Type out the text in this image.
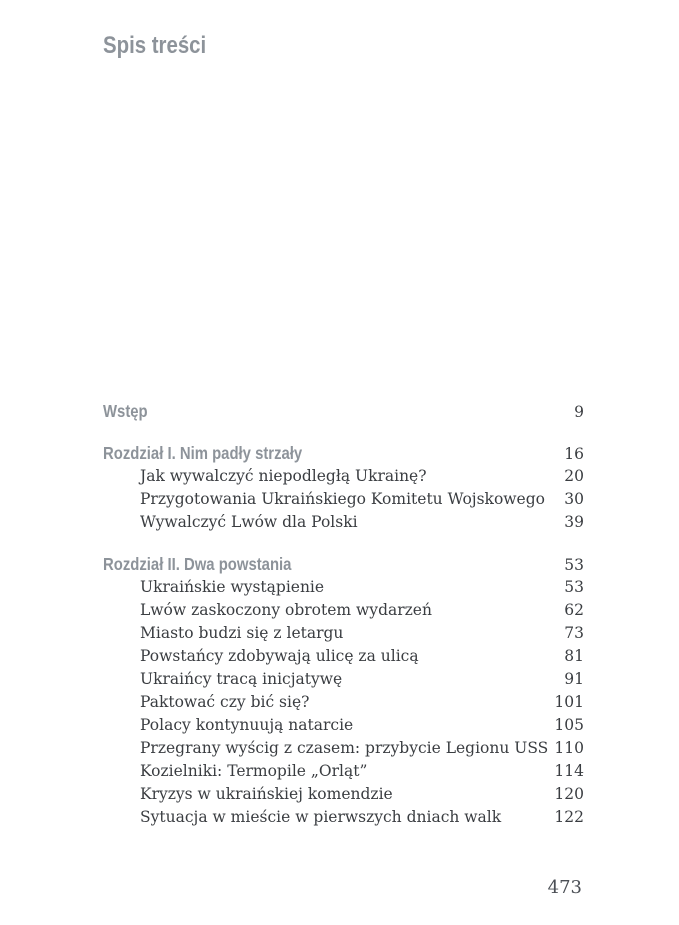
Spis treści
Wstęp	9
Rozdział I. Nim padły strzały	16
Jak wywalczyć niepodległą Ukrainę?	20
Przygotowania Ukraińskiego Komitetu Wojskowego 30
Wywalczyć Lwów dla Polski	39
Rozdział II. Dwa powstania	53
Ukraińskie wystąpienie	53
Lwów zaskoczony obrotem wydarzeń	62
Miasto budzi się z letargu	73
Powstańcy zdobywają ulicę za ulicą	81
Ukraińcy tracą inicjatywę	91
Paktować czy bić się?	101
Polacy kontynuują natarcie	105
Przegrany wyścig z czasem: przybycie Legionu USS 110
Kozielniki: Termopile „Orląt”	114
Kryzys w ukraińskiej komendzie	120
Sytuacja w mieście w pierwszych dniach walk	122
473
